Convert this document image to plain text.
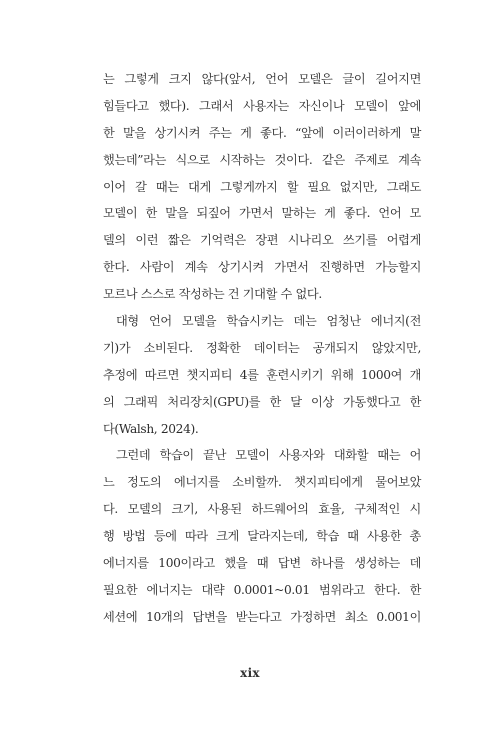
는 그렇게 크지 않다(앞서, 언어 모델은 글이 길어지면
힘들다고 했다). 그래서 사용자는 자신이나 모델이 앞에
한 말을 상기시켜 주는 게 좋다. “앞에 이러이러하게 말
했는데”라는 식으로 시작하는 것이다. 같은 주제로 계속
이어 갈 때는 대게 그렇게까지 할 필요 없지만, 그래도
모델이 한 말을 되짚어 가면서 말하는 게 좋다. 언어 모
델의 이런 짧은 기억력은 장편 시나리오 쓰기를 어렵게
한다. 사람이 계속 상기시켜 가면서 진행하면 가능할지
모르나 스스로 작성하는 건 기대할 수 없다.
대형 언어 모델을 학습시키는 데는 엄청난 에너지(전
기)가 소비된다. 정확한 데이터는 공개되지 않았지만,
추정에 따르면 챗지피티 4를 훈련시키기 위해 1000여 개
의 그래픽 처리장치(GPU)를 한 달 이상 가동했다고 한
다(Walsh, 2024).
그런데 학습이 끝난 모델이 사용자와 대화할 때는 어
느 정도의 에너지를 소비할까. 챗지피티에게 물어보았
다. 모델의 크기, 사용된 하드웨어의 효율, 구체적인 시
행 방법 등에 따라 크게 달라지는데, 학습 때 사용한 총
에너지를 100이라고 했을 때 답변 하나를 생성하는 데
필요한 에너지는 대략 0.0001~0.01 범위라고 한다. 한
세션에 10개의 답변을 받는다고 가정하면 최소 0.001이
xix
